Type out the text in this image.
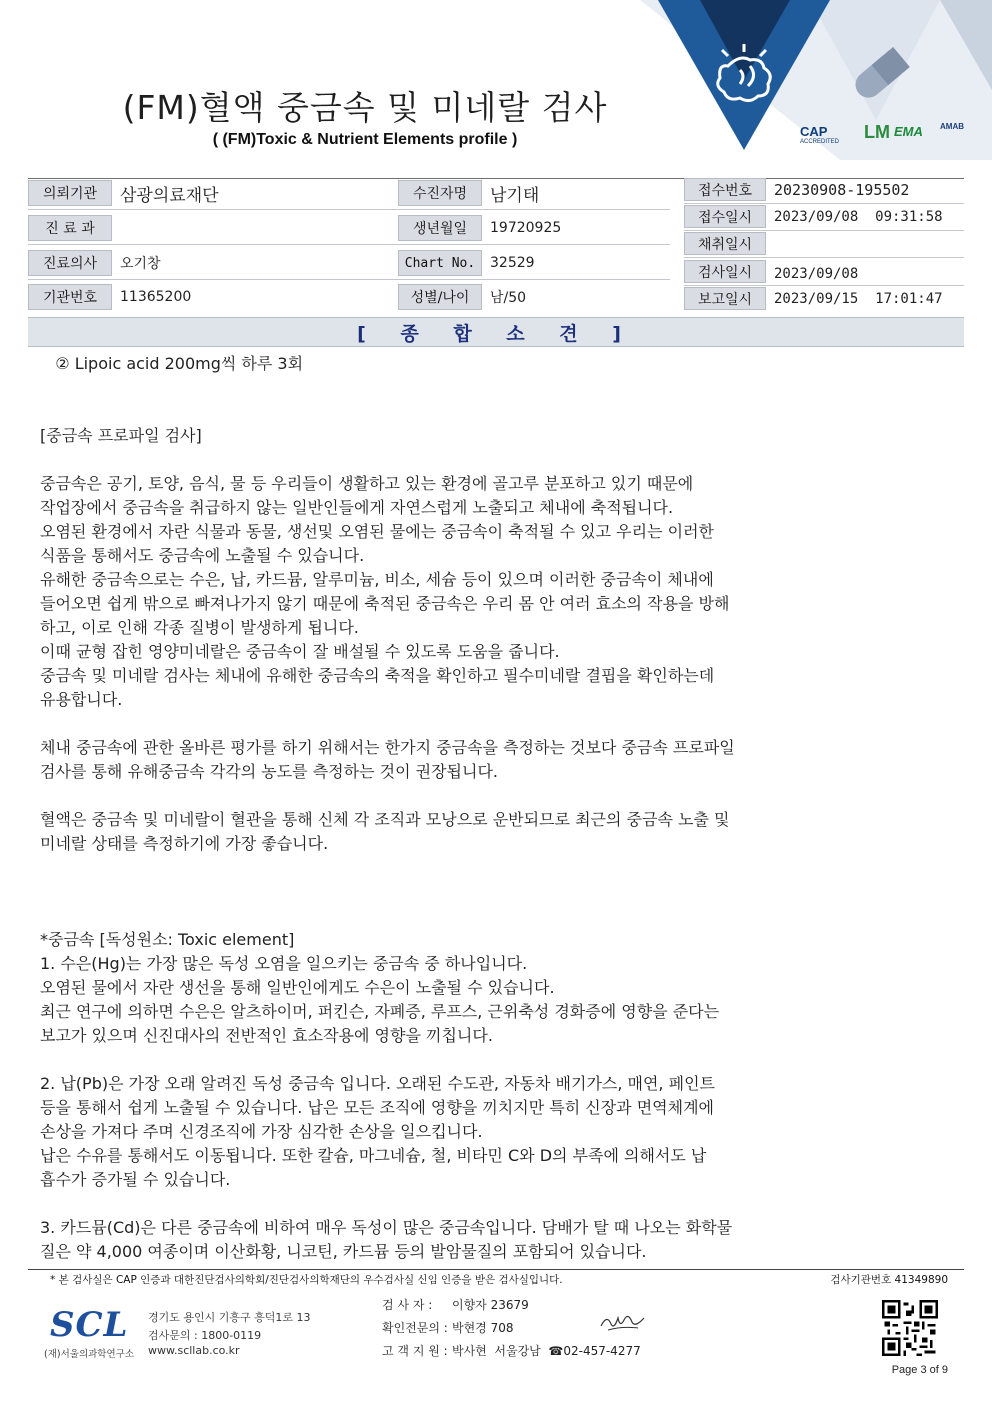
(FM)혈액 중금속 및 미네랄 검사
( (FM)Toxic & Nutrient Elements profile )	CAP
ACCREDITED LM EMA AMAB
의뢰기관	삼광의료재단
진 료 과
진료의사	오기창
기관번호	11365200
수진자명	남기태
생년월일	19720925
Chart No.	32529
성별/나이	남/50
접수번호	20230908-195502
접수일시	2023/09/08  09:31:58
채취일시
검사일시	2023/09/08
보고일시	2023/09/15  17:01:47
[ 종 합 소 견 ]

② Lipoic acid 200mg씩 하루 3회

[중금속 프로파일 검사]

중금속은 공기, 토양, 음식, 물 등 우리들이 생활하고 있는 환경에 골고루 분포하고 있기 때문에

작업장에서 중금속을 취급하지 않는 일반인들에게 자연스럽게 노출되고 체내에 축적됩니다.

오염된 환경에서 자란 식물과 동물, 생선및 오염된 물에는 중금속이 축적될 수 있고 우리는 이러한

식품을 통해서도 중금속에 노출될 수 있습니다.

유해한 중금속으로는 수은, 납, 카드뮴, 알루미늄, 비소, 세슘 등이 있으며 이러한 중금속이 체내에

들어오면 쉽게 밖으로 빠져나가지 않기 때문에 축적된 중금속은 우리 몸 안 여러 효소의 작용을 방해

하고, 이로 인해 각종 질병이 발생하게 됩니다.

이때 균형 잡힌 영양미네랄은 중금속이 잘 배설될 수 있도록 도움을 줍니다.

중금속 및 미네랄 검사는 체내에 유해한 중금속의 축적을 확인하고 필수미네랄 결핍을 확인하는데

유용합니다.

체내 중금속에 관한 올바른 평가를 하기 위해서는 한가지 중금속을 측정하는 것보다 중금속 프로파일

검사를 통해 유해중금속 각각의 농도를 측정하는 것이 권장됩니다.

혈액은 중금속 및 미네랄이 혈관을 통해 신체 각 조직과 모낭으로 운반되므로 최근의 중금속 노출 및

미네랄 상태를 측정하기에 가장 좋습니다.

*중금속 [독성원소: Toxic element]

1. 수은(Hg)는 가장 많은 독성 오염을 일으키는 중금속 중 하나입니다.

오염된 물에서 자란 생선을 통해 일반인에게도 수은이 노출될 수 있습니다.

최근 연구에 의하면 수은은 알츠하이머, 퍼킨슨, 자폐증, 루프스, 근위축성 경화증에 영향을 준다는

보고가 있으며 신진대사의 전반적인 효소작용에 영향을 끼칩니다.

2. 납(Pb)은 가장 오래 알려진 독성 중금속 입니다. 오래된 수도관, 자동차 배기가스, 매연, 페인트

등을 통해서 쉽게 노출될 수 있습니다. 납은 모든 조직에 영향을 끼치지만 특히 신장과 면역체계에

손상을 가져다 주며 신경조직에 가장 심각한 손상을 일으킵니다.

납은 수유를 통해서도 이동됩니다. 또한 칼슘, 마그네슘, 철, 비타민 C와 D의 부족에 의해서도 납

흡수가 증가될 수 있습니다.

3. 카드뮴(Cd)은 다른 중금속에 비하여 매우 독성이 많은 중금속입니다. 담배가 탈 때 나오는 화학물

질은 약 4,000 여종이며 이산화황, 니코틴, 카드뮴 등의 발암물질의 포함되어 있습니다.

* 본 검사실은 CAP 인증과 대한진단검사의학회/진단검사의학재단의 우수검사실 신임 인증을 받은 검사실입니다.	검사기관번호 41349890
SCL
(재)서울의과학연구소
경기도 용인시 기흥구 흥덕1로 13
검사문의 : 1800-0119
www.scllab.co.kr
검 사 자 : 이향자 23679
확인전문의 : 박현경 708
고 객 지 원 : 박사현  서울강남  ☎02-457-4277
Page 3 of 9
